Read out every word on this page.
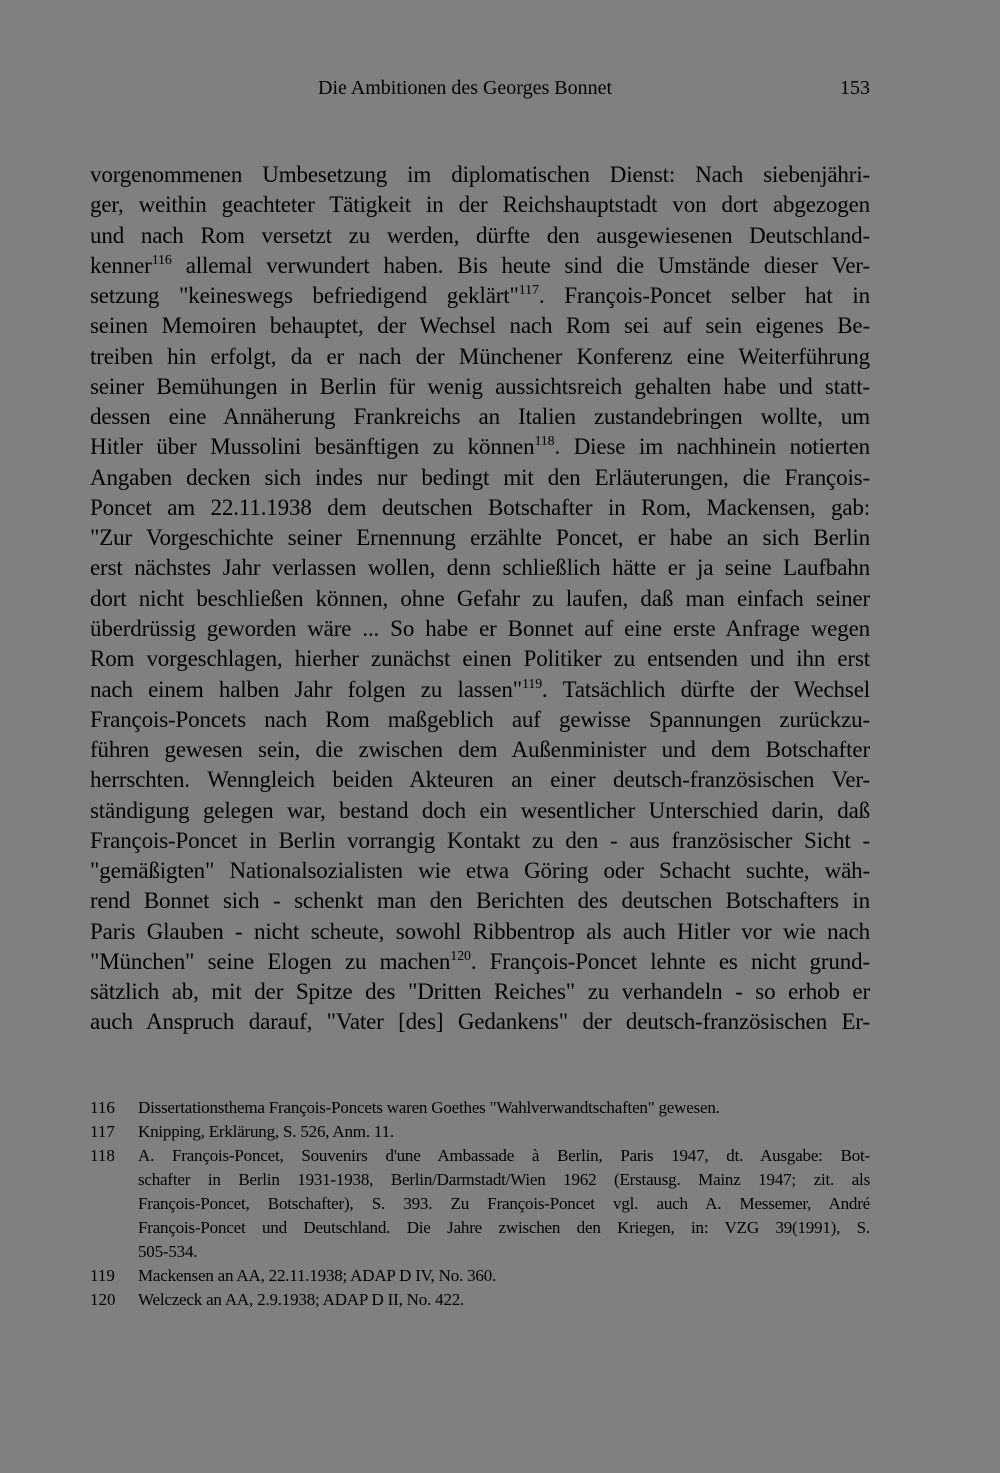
Die Ambitionen des Georges Bonnet	153
vorgenommenen Umbesetzung im diplomatischen Dienst: Nach siebenjähri-
ger, weithin geachteter Tätigkeit in der Reichshauptstadt von dort abgezogen
und nach Rom versetzt zu werden, dürfte den ausgewiesenen Deutschland-
kenner$^{116}$ allemal verwundert haben. Bis heute sind die Umstände dieser Ver-
setzung "keineswegs befriedigend geklärt"$^{117}$. François-Poncet selber hat in
seinen Memoiren behauptet, der Wechsel nach Rom sei auf sein eigenes Be-
treiben hin erfolgt, da er nach der Münchener Konferenz eine Weiterführung
seiner Bemühungen in Berlin für wenig aussichtsreich gehalten habe und statt-
dessen eine Annäherung Frankreichs an Italien zustandebringen wollte, um
Hitler über Mussolini besänftigen zu können$^{118}$. Diese im nachhinein notierten
Angaben decken sich indes nur bedingt mit den Erläuterungen, die François-
Poncet am 22.11.1938 dem deutschen Botschafter in Rom, Mackensen, gab:
"Zur Vorgeschichte seiner Ernennung erzählte Poncet, er habe an sich Berlin
erst nächstes Jahr verlassen wollen, denn schließlich hätte er ja seine Laufbahn
dort nicht beschließen können, ohne Gefahr zu laufen, daß man einfach seiner
überdrüssig geworden wäre ... So habe er Bonnet auf eine erste Anfrage wegen
Rom vorgeschlagen, hierher zunächst einen Politiker zu entsenden und ihn erst
nach einem halben Jahr folgen zu lassen"$^{119}$. Tatsächlich dürfte der Wechsel
François-Poncets nach Rom maßgeblich auf gewisse Spannungen zurückzu-
führen gewesen sein, die zwischen dem Außenminister und dem Botschafter
herrschten. Wenngleich beiden Akteuren an einer deutsch-französischen Ver-
ständigung gelegen war, bestand doch ein wesentlicher Unterschied darin, daß
François-Poncet in Berlin vorrangig Kontakt zu den - aus französischer Sicht -
"gemäßigten" Nationalsozialisten wie etwa Göring oder Schacht suchte, wäh-
rend Bonnet sich - schenkt man den Berichten des deutschen Botschafters in
Paris Glauben - nicht scheute, sowohl Ribbentrop als auch Hitler vor wie nach
"München" seine Elogen zu machen$^{120}$. François-Poncet lehnte es nicht grund-
sätzlich ab, mit der Spitze des "Dritten Reiches" zu verhandeln - so erhob er
auch Anspruch darauf, "Vater [des] Gedankens" der deutsch-französischen Er-
116 Dissertationsthema François-Poncets waren Goethes "Wahlverwandtschaften" gewesen.
117 Knipping, Erklärung, S. 526, Anm. 11.
118 A. François-Poncet, Souvenirs d'une Ambassade à Berlin, Paris 1947, dt. Ausgabe: Bot-
schafter in Berlin 1931-1938, Berlin/Darmstadt/Wien 1962 (Erstausg. Mainz 1947; zit. als
François-Poncet, Botschafter), S. 393. Zu François-Poncet vgl. auch A. Messemer, André
François-Poncet und Deutschland. Die Jahre zwischen den Kriegen, in: VZG 39(1991), S.
505-534.
119 Mackensen an AA, 22.11.1938; ADAP D IV, No. 360.
120 Welczeck an AA, 2.9.1938; ADAP D II, No. 422.
